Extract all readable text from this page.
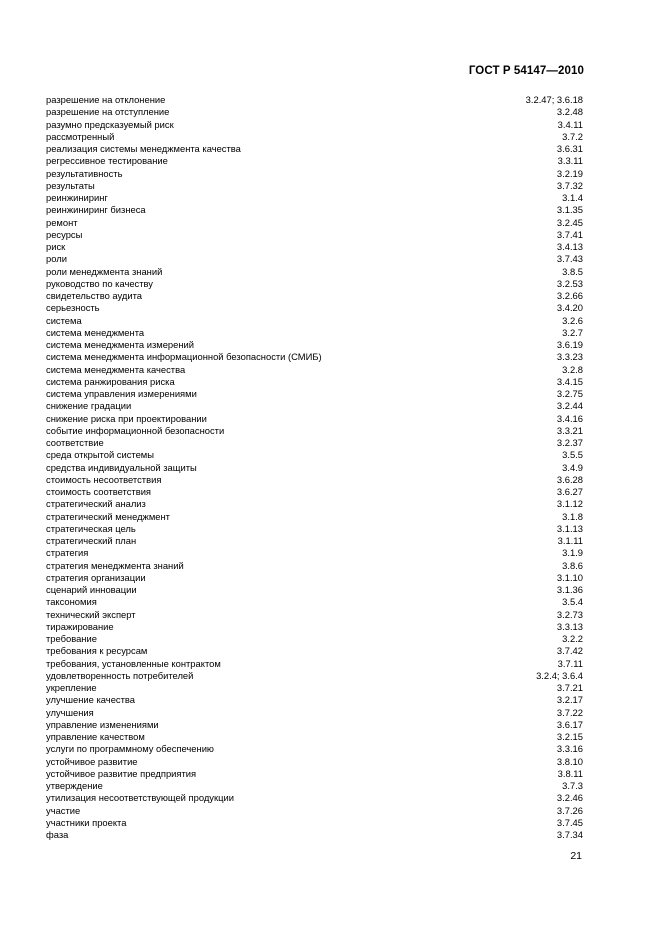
ГОСТ Р 54147—2010
разрешение на отклонение	3.2.47; 3.6.18
разрешение на отступление	3.2.48
разумно предсказуемый риск	3.4.11
рассмотренный	3.7.2
реализация системы менеджмента качества	3.6.31
регрессивное тестирование	3.3.11
результативность	3.2.19
результаты	3.7.32
реинжиниринг	3.1.4
реинжиниринг бизнеса	3.1.35
ремонт	3.2.45
ресурсы	3.7.41
риск	3.4.13
роли	3.7.43
роли менеджмента знаний	3.8.5
руководство по качеству	3.2.53
свидетельство аудита	3.2.66
серьезность	3.4.20
система	3.2.6
система менеджмента	3.2.7
система менеджмента измерений	3.6.19
система менеджмента информационной безопасности (СМИБ)	3.3.23
система менеджмента качества	3.2.8
система ранжирования риска	3.4.15
система управления измерениями	3.2.75
снижение градации	3.2.44
снижение риска при проектировании	3.4.16
событие информационной безопасности	3.3.21
соответствие	3.2.37
среда открытой системы	3.5.5
средства индивидуальной защиты	3.4.9
стоимость несоответствия	3.6.28
стоимость соответствия	3.6.27
стратегический анализ	3.1.12
стратегический менеджмент	3.1.8
стратегическая цель	3.1.13
стратегический план	3.1.11
стратегия	3.1.9
стратегия менеджмента знаний	3.8.6
стратегия организации	3.1.10
сценарий инновации	3.1.36
таксономия	3.5.4
технический эксперт	3.2.73
тиражирование	3.3.13
требование	3.2.2
требования к ресурсам	3.7.42
требования, установленные контрактом	3.7.11
удовлетворенность потребителей	3.2.4; 3.6.4
укрепление	3.7.21
улучшение качества	3.2.17
улучшения	3.7.22
управление изменениями	3.6.17
управление качеством	3.2.15
услуги по программному обеспечению	3.3.16
устойчивое развитие	3.8.10
устойчивое развитие предприятия	3.8.11
утверждение	3.7.3
утилизация несоответствующей продукции	3.2.46
участие	3.7.26
участники проекта	3.7.45
фаза	3.7.34
21
